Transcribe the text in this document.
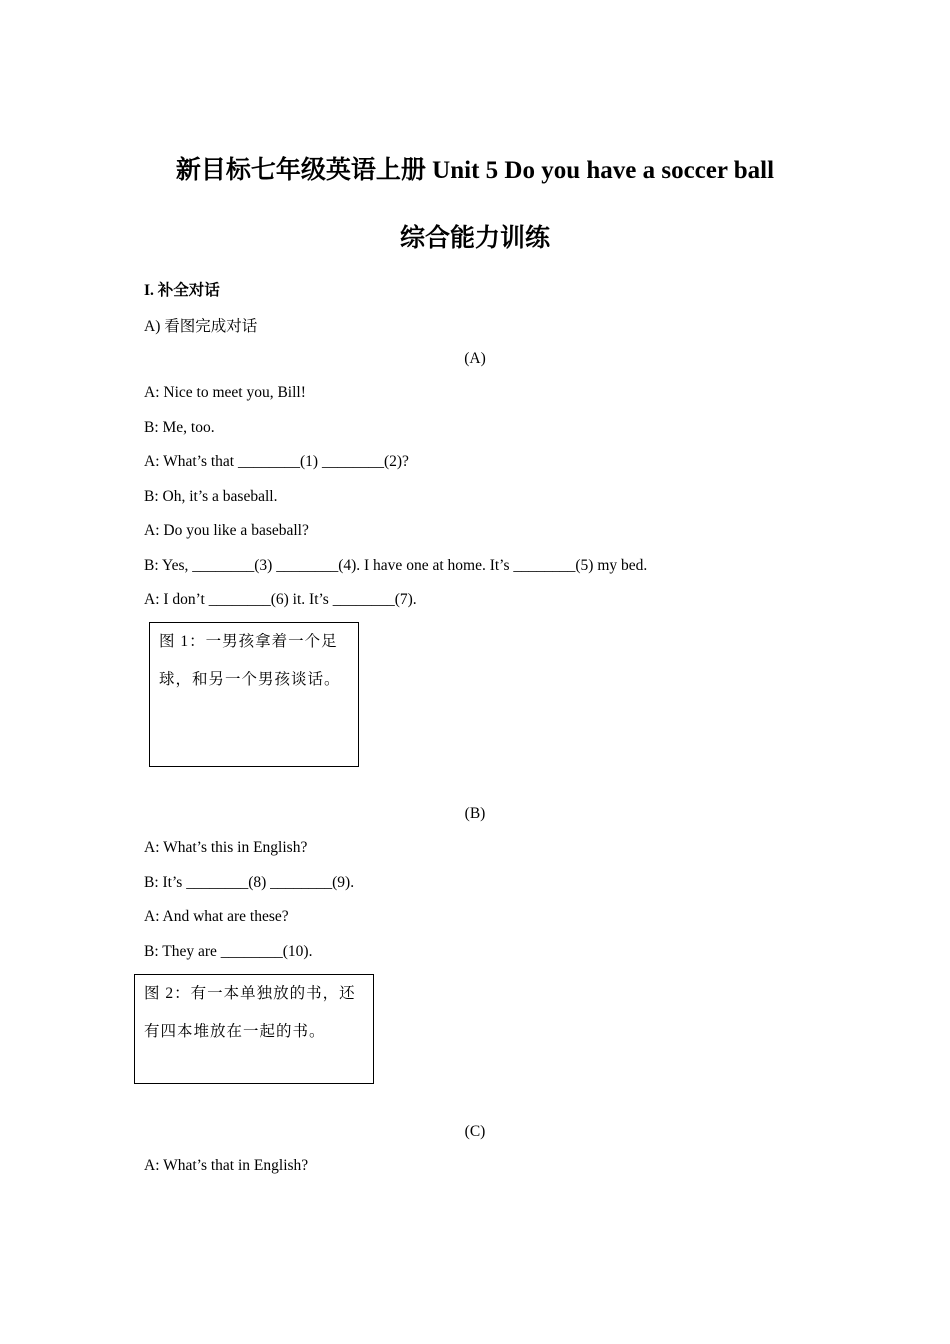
新目标七年级英语上册 Unit 5 Do you have a soccer ball
综合能力训练
I. 补全对话
A) 看图完成对话
(A)
A: Nice to meet you, Bill!
B: Me, too.
A: What’s that ________(1) ________(2)?
B: Oh, it’s a baseball.
A: Do you like a baseball?
B: Yes, ________(3) ________(4). I have one at home. It’s ________(5) my bed.
A: I don’t ________(6) it. It’s ________(7).
图 1：一男孩拿着一个足球，和另一个男孩谈话。
(B)
A: What’s this in English?
B: It’s ________(8) ________(9).
A: And what are these?
B: They are ________(10).
图 2：有一本单独放的书，还有四本堆放在一起的书。
(C)
A: What’s that in English?
